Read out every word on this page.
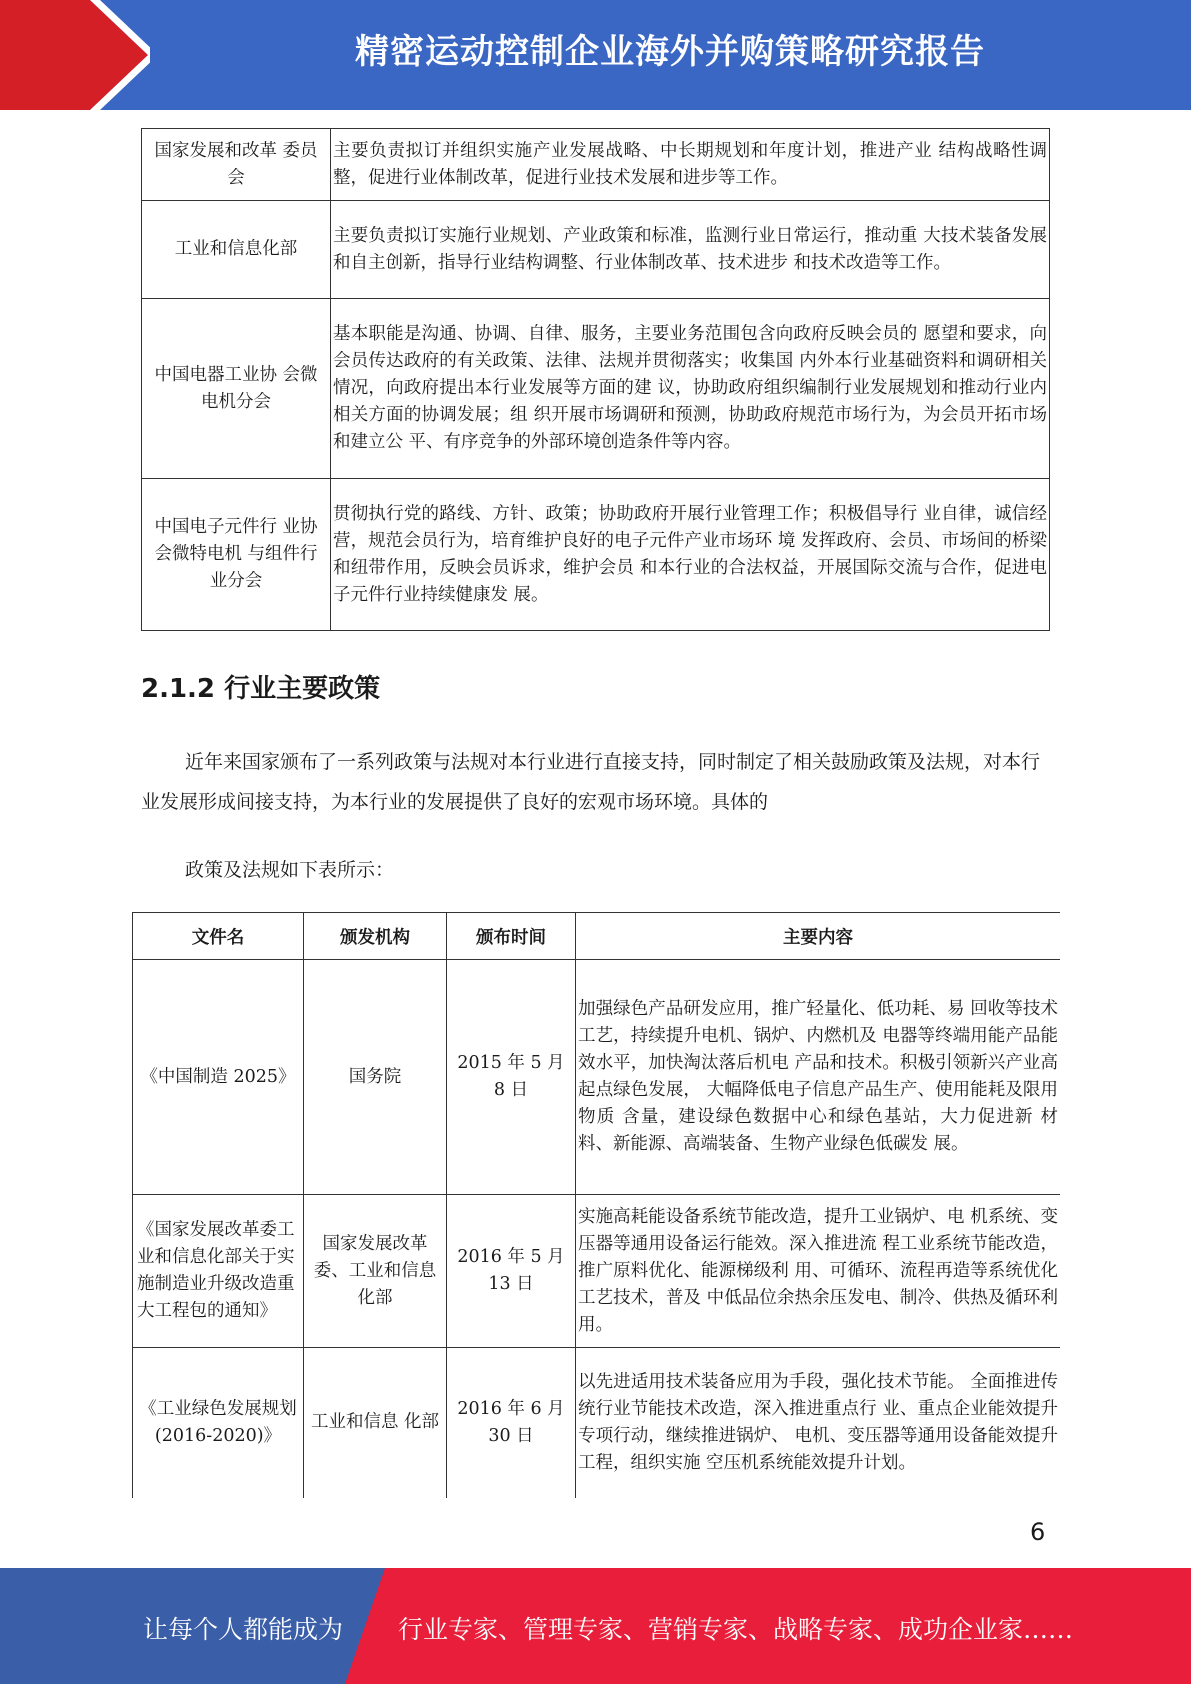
精密运动控制企业海外并购策略研究报告
国家发展和改革 委员会	主要负责拟订并组织实施产业发展战略、中长期规划和年度计划，推进产业 结构战略性调整，促进行业体制改革，促进行业技术发展和进步等工作。
工业和信息化部	主要负责拟订实施行业规划、产业政策和标准，监测行业日常运行，推动重 大技术装备发展和自主创新，指导行业结构调整、行业体制改革、技术进步 和技术改造等工作。
中国电器工业协 会微电机分会	基本职能是沟通、协调、自律、服务，主要业务范围包含向政府反映会员的 愿望和要求，向会员传达政府的有关政策、法律、法规并贯彻落实；收集国 内外本行业基础资料和调研相关情况，向政府提出本行业发展等方面的建 议，协助政府组织编制行业发展规划和推动行业内相关方面的协调发展；组 织开展市场调研和预测，协助政府规范市场行为，为会员开拓市场和建立公 平、有序竞争的外部环境创造条件等内容。
中国电子元件行 业协会微特电机 与组件行业分会	贯彻执行党的路线、方针、政策；协助政府开展行业管理工作；积极倡导行 业自律，诚信经营，规范会员行为，培育维护良好的电子元件产业市场环 境 发挥政府、会员、市场间的桥梁和纽带作用，反映会员诉求，维护会员 和本行业的合法权益，开展国际交流与合作，促进电子元件行业持续健康发 展。
2.1.2 行业主要政策
近年来国家颁布了一系列政策与法规对本行业进行直接支持，同时制定了相关鼓励政策及法规，对本行业发展形成间接支持，为本行业的发展提供了良好的宏观市场环境。具体的
政策及法规如下表所示：
文件名	颁发机构	颁布时间	主要内容
《中国制造 2025》	国务院	2015 年 5 月 8 日	加强绿色产品研发应用，推广轻量化、低功耗、易 回收等技术工艺，持续提升电机、锅炉、内燃机及 电器等终端用能产品能效水平，加快淘汰落后机电 产品和技术。积极引领新兴产业高起点绿色发展， 大幅降低电子信息产品生产、使用能耗及限用物质 含量，建设绿色数据中心和绿色基站，大力促进新 材料、新能源、高端装备、生物产业绿色低碳发 展。
《国家发展改革委工业和信息化部关于实施制造业升级改造重大工程包的通知》	国家发展改革委、工业和信息化部	2016 年 5 月 13 日	实施高耗能设备系统节能改造，提升工业锅炉、电 机系统、变压器等通用设备运行能效。深入推进流 程工业系统节能改造，推广原料优化、能源梯级利 用、可循环、流程再造等系统优化工艺技术，普及 中低品位余热余压发电、制冷、供热及循环利用。
《工业绿色发展规划(2016-2020)》	工业和信息 化部	2016 年 6 月 30 日	以先进适用技术装备应用为手段，强化技术节能。 全面推进传统行业节能技术改造，深入推进重点行 业、重点企业能效提升专项行动，继续推进锅炉、 电机、变压器等通用设备能效提升工程，组织实施 空压机系统能效提升计划。
6
让每个人都能成为 行业专家、管理专家、营销专家、战略专家、成功企业家……
